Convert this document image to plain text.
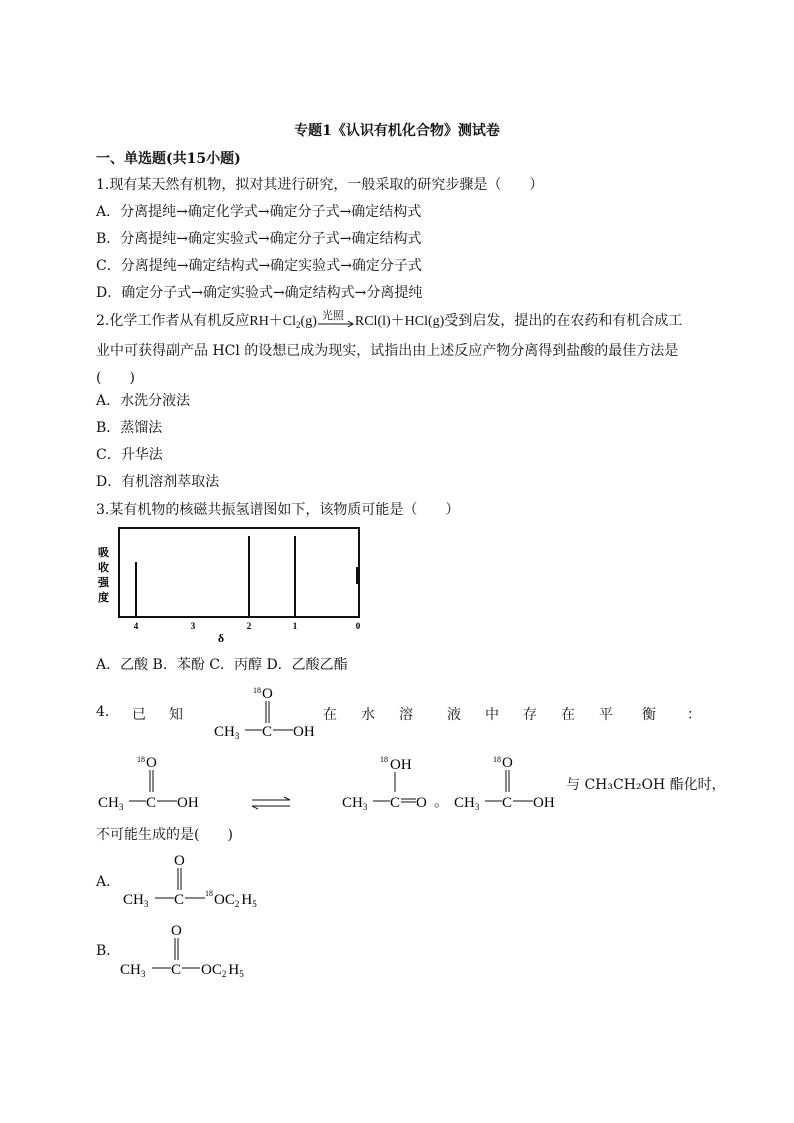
专题1《认识有机化合物》测试卷
一、单选题(共15小题)
1.现有某天然有机物，拟对其进行研究，一般采取的研究步骤是（　　）
A．分离提纯→确定化学式→确定分子式→确定结构式
B．分离提纯→确定实验式→确定分子式→确定结构式
C．分离提纯→确定结构式→确定实验式→确定分子式
D．确定分子式→确定实验式→确定结构式→分离提纯
2.化学工作者从有机反应$RH+Cl_2(g)$ 光照 RCl(l)＋HCl(g)受到启发，提出的在农药和有机合成工
业中可获得副产品 HCl 的设想已成为现实，试指出由上述反应产物分离得到盐酸的最佳方法是
(　　)
A．水洗分液法
B．蒸馏法
C．升华法
D．有机溶剂萃取法
3.某有机物的核磁共振氢谱图如下，该物质可能是（　　）
吸
收
强
度
4	3	2	1	0
δ
A．乙酸 B．苯酚 C．丙醇 D．乙酸乙酯
4. 已 知	在 水 溶 液 中 存 在 平 衡 ：
18 O
$CH_3$ C OH
18 O
$CH_3$ C OH
18 OH
$CH_3$ C O 。
18 O
$CH_3$ C OH
与 CH₃CH₂OH 酯化时，
不可能生成的是(　　)
A．
O
$CH_3$ C	18 $OC_2$ $H_5$
B．
O
$CH_3$ C $OC_2$ $H_5$
